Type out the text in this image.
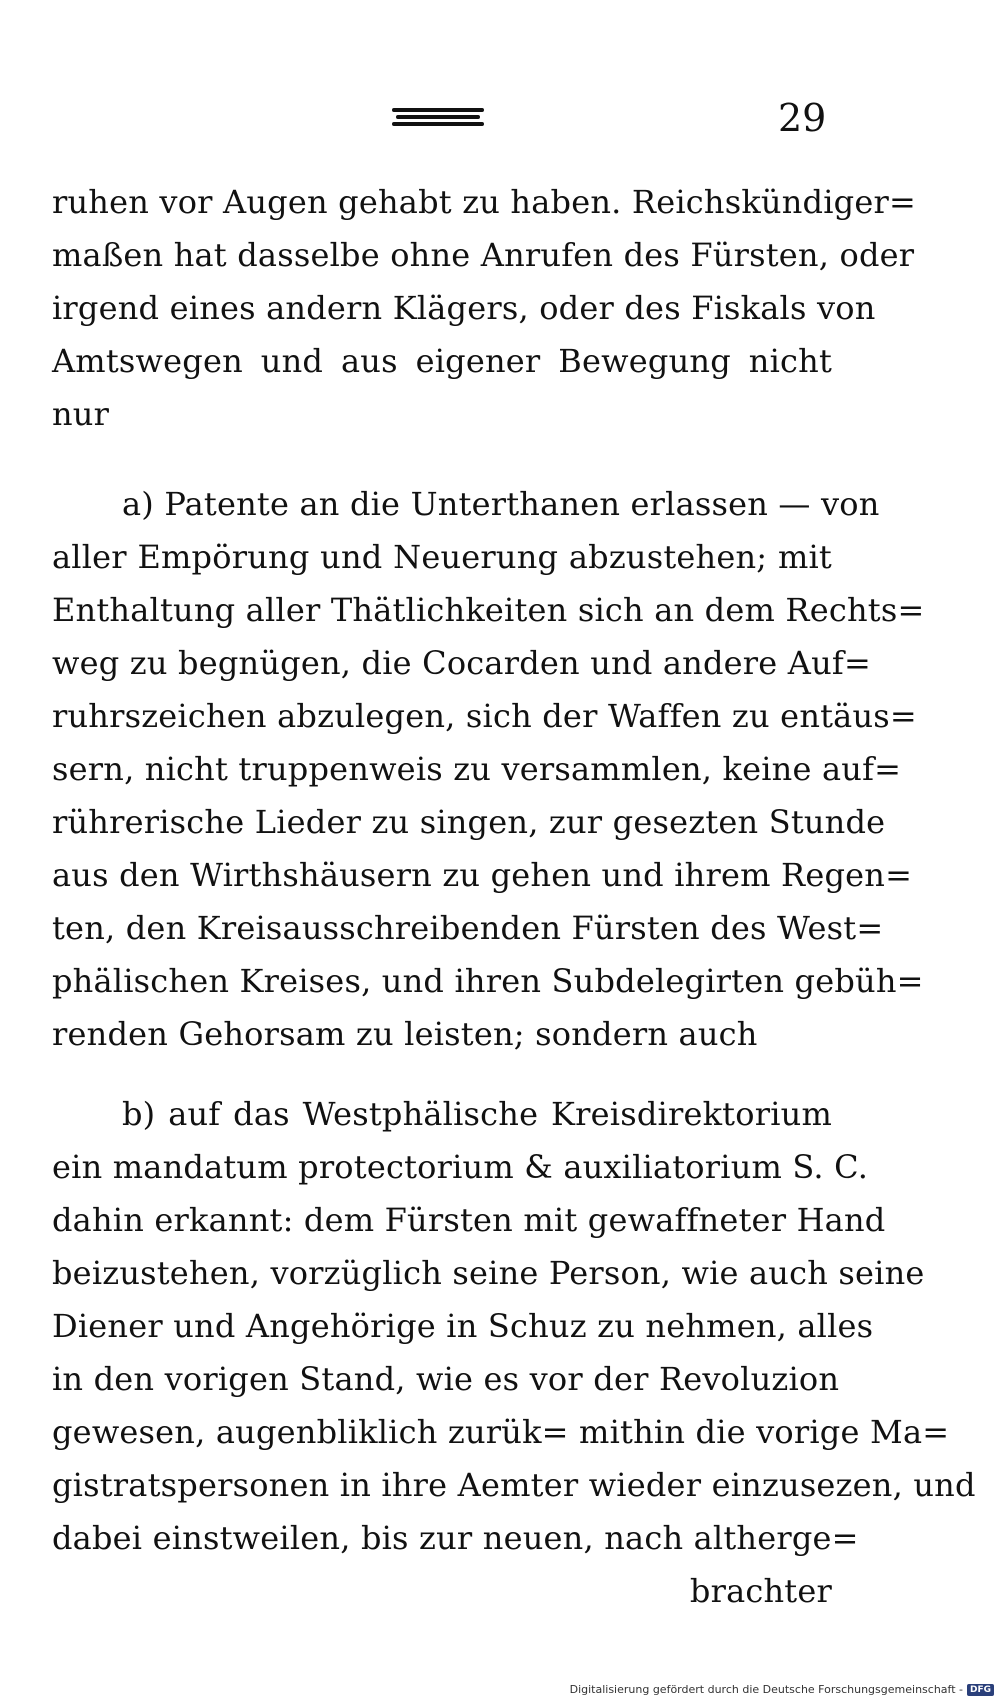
29
ruhen vor Augen gehabt zu haben. Reichskündiger=
maßen hat dasselbe ohne Anrufen des Fürsten, oder
irgend eines andern Klägers, oder des Fiskals von
Amtswegen und aus eigener Bewegung nicht
nur
a) Patente an die Unterthanen erlassen — von
aller Empörung und Neuerung abzustehen; mit
Enthaltung aller Thätlichkeiten sich an dem Rechts=
weg zu begnügen, die Cocarden und andere Auf=
ruhrszeichen abzulegen, sich der Waffen zu entäus=
sern, nicht truppenweis zu versammlen, keine auf=
rührerische Lieder zu singen, zur gesezten Stunde
aus den Wirthshäusern zu gehen und ihrem Regen=
ten, den Kreisausschreibenden Fürsten des West=
phälischen Kreises, und ihren Subdelegirten gebüh=
renden Gehorsam zu leisten; sondern auch
b) auf das Westphälische Kreisdirektorium
ein mandatum protectorium & auxiliatorium S. C.
dahin erkannt: dem Fürsten mit gewaffneter Hand
beizustehen, vorzüglich seine Person, wie auch seine
Diener und Angehörige in Schuz zu nehmen, alles
in den vorigen Stand, wie es vor der Revoluzion
gewesen, augenbliklich zurük= mithin die vorige Ma=
gistratspersonen in ihre Aemter wieder einzusezen, und
dabei einstweilen, bis zur neuen, nach altherge=
brachter
Digitalisierung gefördert durch die Deutsche Forschungsgemeinschaft - DFG
